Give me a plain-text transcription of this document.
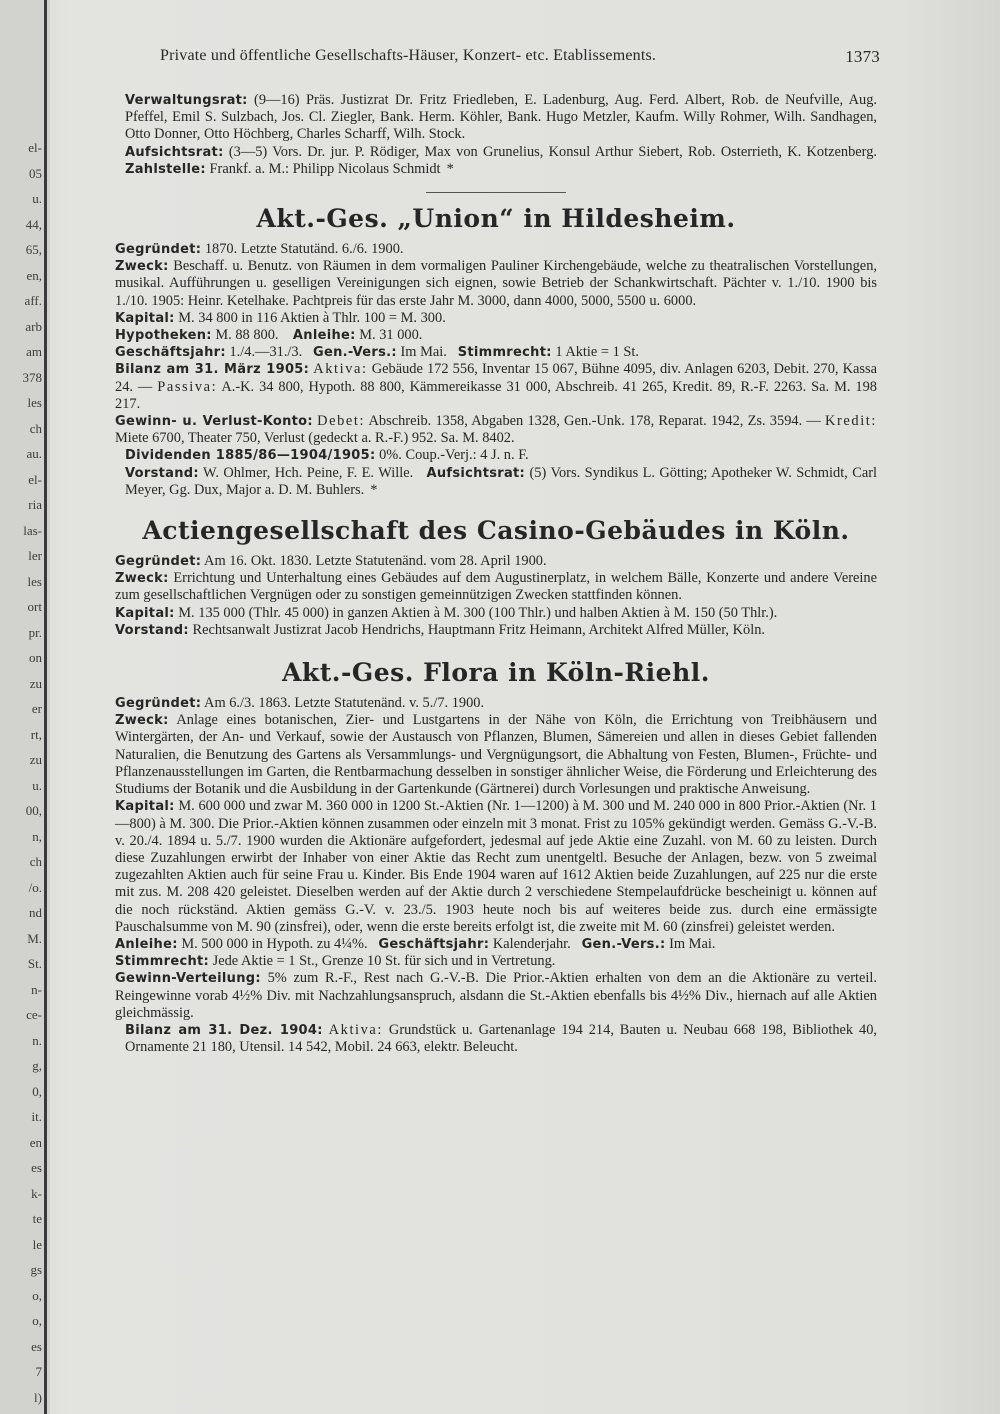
el-
05
u.
44,
65,
en,
aff.
arb
am
378
les
ch
au.
el-
ria
las-
ler
les
ort
pr.
on
zu
er
rt,
zu
u.
00,
n,
ch
/o.
nd
M.
St.
n-
ce-
n.
g,
0,
it.
en
es
k-
te
le
gs
o,
o,
es
7
l)
Private und öffentliche Gesellschafts-Häuser, Konzert- etc. Etablissements.	1373

Verwaltungsrat: (9—16) Präs. Justizrat Dr. Fritz Friedleben, E. Ladenburg, Aug. Ferd. Albert, Rob. de Neufville, Aug. Pfeffel, Emil S. Sulzbach, Jos. Cl. Ziegler, Bank. Herm. Köhler, Bank. Hugo Metzler, Kaufm. Willy Rohmer, Wilh. Sandhagen, Otto Donner, Otto Höchberg, Charles Scharff, Wilh. Stock.

Aufsichtsrat: (3—5) Vors. Dr. jur. P. Rödiger, Max von Grunelius, Konsul Arthur Siebert, Rob. Osterrieth, K. Kotzenberg. Zahlstelle: Frankf. a. M.: Philipp Nicolaus Schmidt *

Akt.-Ges. „Union“ in Hildesheim.

Gegründet: 1870. Letzte Statutänd. 6./6. 1900.

Zweck: Beschaff. u. Benutz. von Räumen in dem vormaligen Pauliner Kirchengebäude, welche zu theatralischen Vorstellungen, musikal. Aufführungen u. geselligen Vereinigungen sich eignen, sowie Betrieb der Schankwirtschaft. Pächter v. 1./10. 1900 bis 1./10. 1905: Heinr. Ketelhake. Pachtpreis für das erste Jahr M. 3000, dann 4000, 5000, 5500 u. 6000.

Kapital: M. 34 800 in 116 Aktien à Thlr. 100 = M. 300.

Hypotheken: M. 88 800. Anleihe: M. 31 000.

Geschäftsjahr: 1./4.—31./3. Gen.-Vers.: Im Mai. Stimmrecht: 1 Aktie = 1 St.

Bilanz am 31. März 1905: Aktiva: Gebäude 172 556, Inventar 15 067, Bühne 4095, div. Anlagen 6203, Debit. 270, Kassa 24. — Passiva: A.-K. 34 800, Hypoth. 88 800, Kämmereikasse 31 000, Abschreib. 41 265, Kredit. 89, R.-F. 2263. Sa. M. 198 217.

Gewinn- u. Verlust-Konto: Debet: Abschreib. 1358, Abgaben 1328, Gen.-Unk. 178, Reparat. 1942, Zs. 3594. — Kredit: Miete 6700, Theater 750, Verlust (gedeckt a. R.-F.) 952. Sa. M. 8402.

Dividenden 1885/86—1904/1905: 0%. Coup.-Verj.: 4 J. n. F.

Vorstand: W. Ohlmer, Hch. Peine, F. E. Wille. Aufsichtsrat: (5) Vors. Syndikus L. Götting; Apotheker W. Schmidt, Carl Meyer, Gg. Dux, Major a. D. M. Buhlers. *

Actiengesellschaft des Casino-Gebäudes in Köln.

Gegründet: Am 16. Okt. 1830. Letzte Statutenänd. vom 28. April 1900.

Zweck: Errichtung und Unterhaltung eines Gebäudes auf dem Augustinerplatz, in welchem Bälle, Konzerte und andere Vereine zum gesellschaftlichen Vergnügen oder zu sonstigen gemeinnützigen Zwecken stattfinden können.

Kapital: M. 135 000 (Thlr. 45 000) in ganzen Aktien à M. 300 (100 Thlr.) und halben Aktien à M. 150 (50 Thlr.).

Vorstand: Rechtsanwalt Justizrat Jacob Hendrichs, Hauptmann Fritz Heimann, Architekt Alfred Müller, Köln.

Akt.-Ges. Flora in Köln-Riehl.

Gegründet: Am 6./3. 1863. Letzte Statutenänd. v. 5./7. 1900.

Zweck: Anlage eines botanischen, Zier- und Lustgartens in der Nähe von Köln, die Errichtung von Treibhäusern und Wintergärten, der An- und Verkauf, sowie der Austausch von Pflanzen, Blumen, Sämereien und allen in dieses Gebiet fallenden Naturalien, die Benutzung des Gartens als Versammlungs- und Vergnügungsort, die Abhaltung von Festen, Blumen-, Früchte- und Pflanzenausstellungen im Garten, die Rentbarmachung desselben in sonstiger ähnlicher Weise, die Förderung und Erleichterung des Studiums der Botanik und die Ausbildung in der Gartenkunde (Gärtnerei) durch Vorlesungen und praktische Anweisung.

Kapital: M. 600 000 und zwar M. 360 000 in 1200 St.-Aktien (Nr. 1—1200) à M. 300 und M. 240 000 in 800 Prior.-Aktien (Nr. 1—800) à M. 300. Die Prior.-Aktien können zusammen oder einzeln mit 3 monat. Frist zu 105% gekündigt werden. Gemäss G.-V.-B. v. 20./4. 1894 u. 5./7. 1900 wurden die Aktionäre aufgefordert, jedesmal auf jede Aktie eine Zuzahl. von M. 60 zu leisten. Durch diese Zuzahlungen erwirbt der Inhaber von einer Aktie das Recht zum unentgeltl. Besuche der Anlagen, bezw. von 5 zweimal zugezahlten Aktien auch für seine Frau u. Kinder. Bis Ende 1904 waren auf 1612 Aktien beide Zuzahlungen, auf 225 nur die erste mit zus. M. 208 420 geleistet. Dieselben werden auf der Aktie durch 2 verschiedene Stempelaufdrücke bescheinigt u. können auf die noch rückständ. Aktien gemäss G.-V. v. 23./5. 1903 heute noch bis auf weiteres beide zus. durch eine ermässigte Pauschalsumme von M. 90 (zinsfrei), oder, wenn die erste bereits erfolgt ist, die zweite mit M. 60 (zinsfrei) geleistet werden.

Anleihe: M. 500 000 in Hypoth. zu 4¼%. Geschäftsjahr: Kalenderjahr. Gen.-Vers.: Im Mai.

Stimmrecht: Jede Aktie = 1 St., Grenze 10 St. für sich und in Vertretung.

Gewinn-Verteilung: 5% zum R.-F., Rest nach G.-V.-B. Die Prior.-Aktien erhalten von dem an die Aktionäre zu verteil. Reingewinne vorab 4½% Div. mit Nachzahlungsanspruch, alsdann die St.-Aktien ebenfalls bis 4½% Div., hiernach auf alle Aktien gleichmässig.

Bilanz am 31. Dez. 1904: Aktiva: Grundstück u. Gartenanlage 194 214, Bauten u. Neubau 668 198, Bibliothek 40, Ornamente 21 180, Utensil. 14 542, Mobil. 24 663, elektr. Beleucht.
